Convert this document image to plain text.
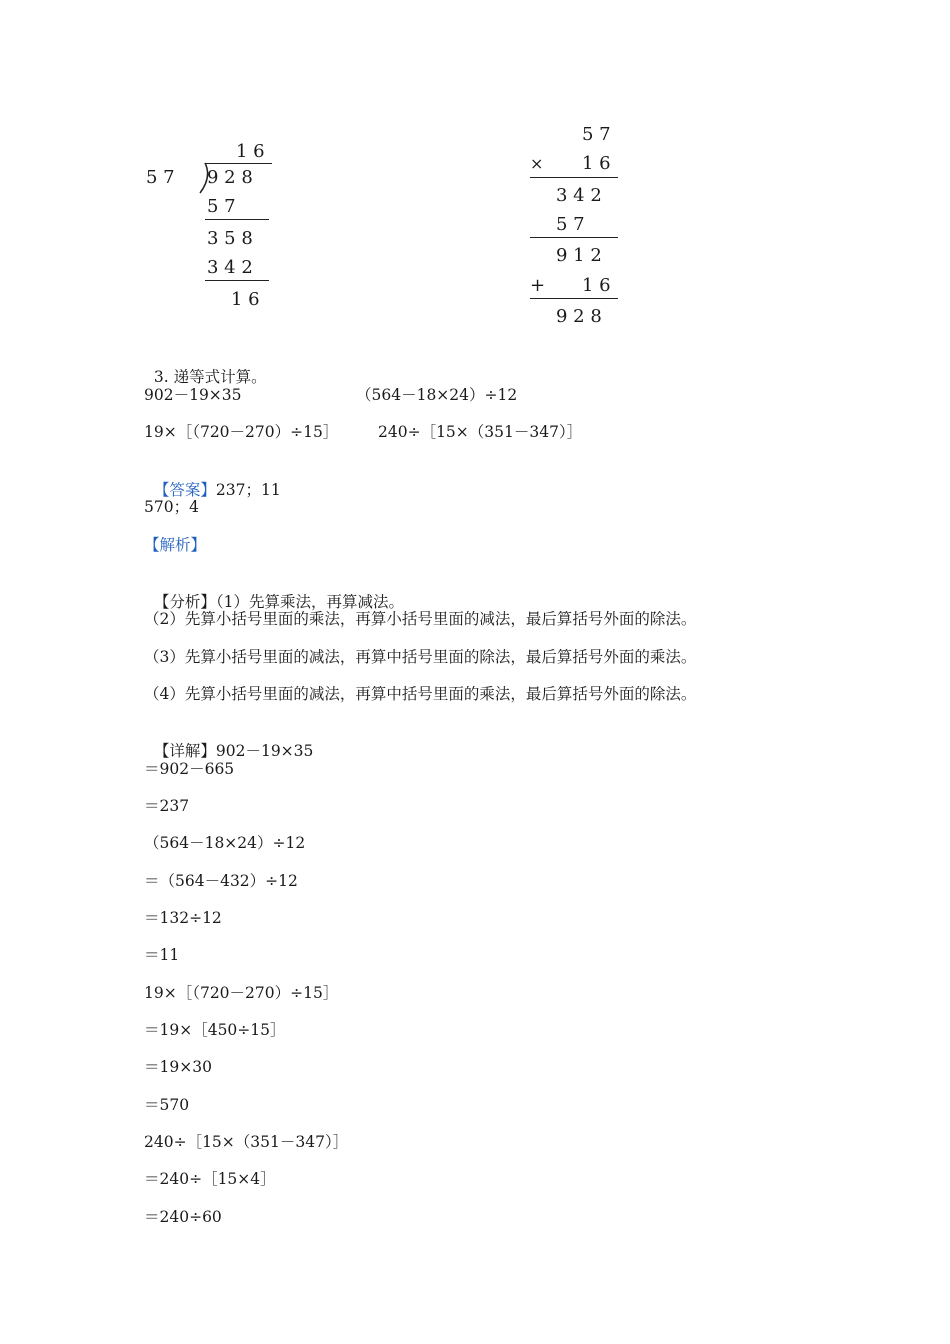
1 6
5 7 9 2 8
5 7
3 5 8
3 4 2
1 6
5 7
× 1 6
3 4 2
5 7
9 1 2
+ 1 6
9 2 8

3. 递等式计算。

902－19×35	（564－18×24）÷12
19×［（720－270）÷15］	240÷［15×（351－347）］

【答案】237；11

570；4
【解析】

【分析】（1）先算乘法，再算减法。

（2）先算小括号里面的乘法，再算小括号里面的减法，最后算括号外面的除法。
（3）先算小括号里面的减法，再算中括号里面的除法，最后算括号外面的乘法。
（4）先算小括号里面的减法，再算中括号里面的乘法，最后算括号外面的除法。

【详解】902－19×35

＝902－665
＝237
（564－18×24）÷12
＝（564－432）÷12
＝132÷12
＝11
19×［（720－270）÷15］
＝19×［450÷15］
＝19×30
＝570
240÷［15×（351－347）］
＝240÷［15×4］
＝240÷60
